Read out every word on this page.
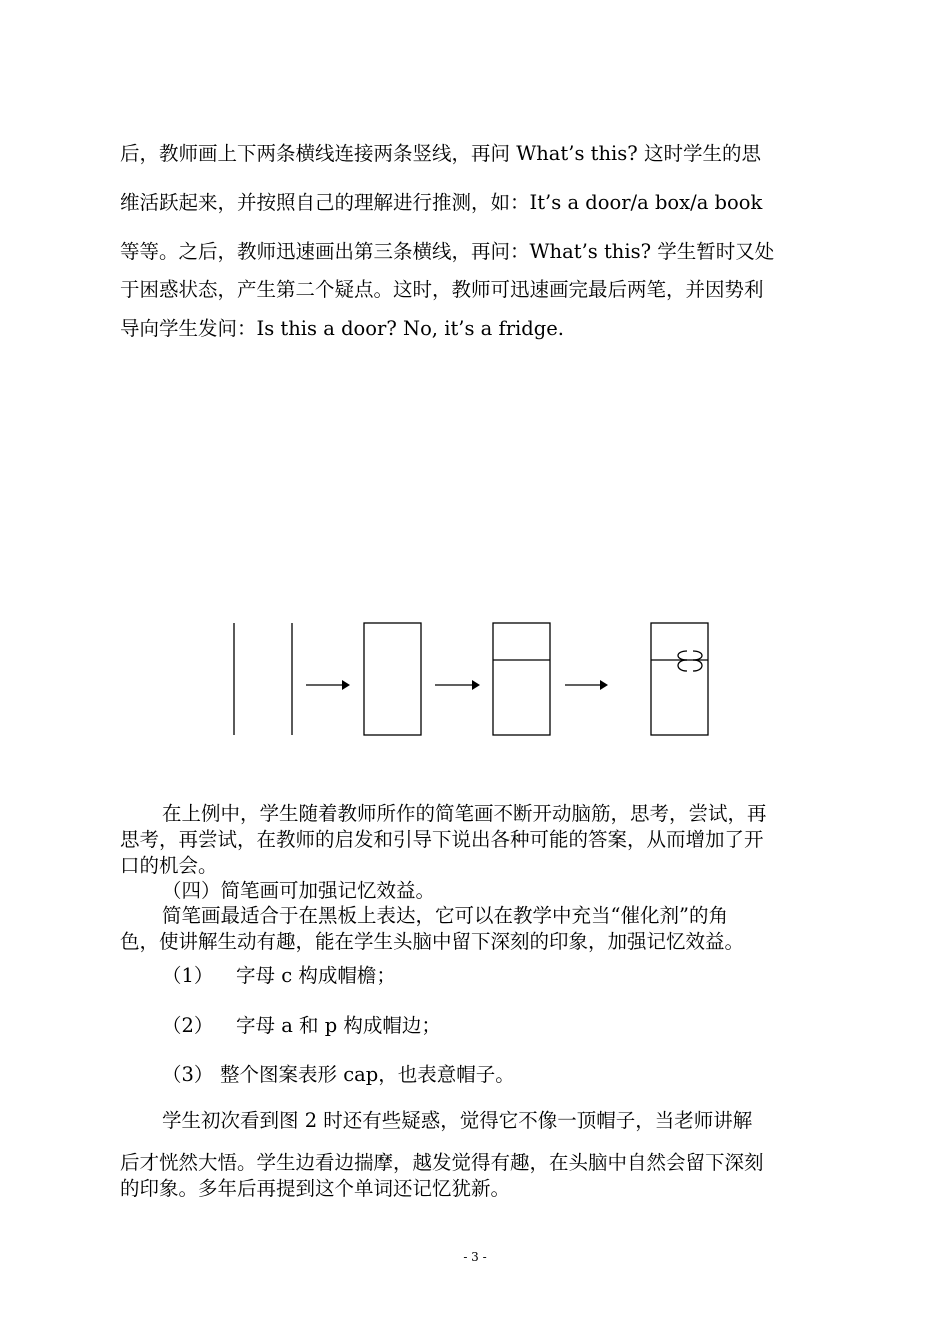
后，教师画上下两条横线连接两条竖线，再问 What’s this? 这时学生的思
维活跃起来，并按照自己的理解进行推测，如：It’s a door/a box/a book
等等。之后，教师迅速画出第三条横线，再问：What’s this? 学生暂时又处
于困惑状态，产生第二个疑点。这时，教师可迅速画完最后两笔，并因势利
导向学生发问：Is this a door? No, it’s a fridge.
在上例中，学生随着教师所作的简笔画不断开动脑筋，思考，尝试，再
思考，再尝试，在教师的启发和引导下说出各种可能的答案，从而增加了开
口的机会。
（四）简笔画可加强记忆效益。
简笔画最适合于在黑板上表达，它可以在教学中充当“催化剂”的角
色，使讲解生动有趣，能在学生头脑中留下深刻的印象，加强记忆效益。
（1） 字母 c 构成帽檐；
（2） 字母 a 和 p 构成帽边；
（3） 整个图案表形 cap，也表意帽子。
学生初次看到图 2 时还有些疑惑，觉得它不像一顶帽子，当老师讲解
后才恍然大悟。学生边看边揣摩，越发觉得有趣，在头脑中自然会留下深刻
的印象。多年后再提到这个单词还记忆犹新。
- 3 -
